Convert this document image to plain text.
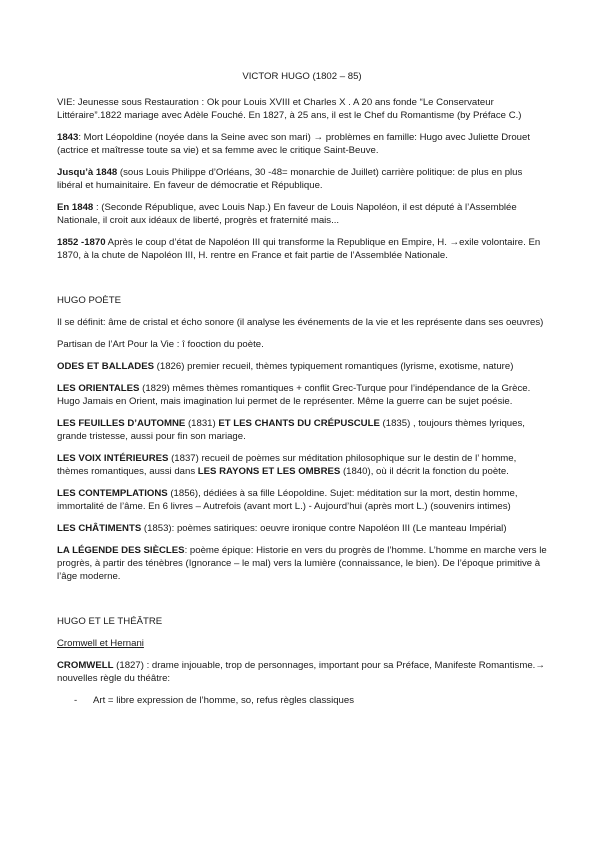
VICTOR HUGO (1802 – 85)

VIE: Jeunesse sous Restauration : Ok pour Louis XVIII et Charles X . A 20 ans fonde “Le Conservateur Littéraire”.1822 mariage avec Adèle Fouché. En 1827, à 25 ans, il est le Chef du Romantisme (by Préface C.)

1843: Mort Léopoldine (noyée dans la Seine avec son mari) → problèmes en famille: Hugo avec Juliette Drouet (actrice et maîtresse toute sa vie) et sa femme avec le critique Saint-Beuve.

Jusqu’à 1848 (sous Louis Philippe d’Orléans, 30 -48= monarchie de Juillet) carrière politique: de plus en plus libéral et humainitaire. En faveur de démocratie et République.

En 1848 : (Seconde République, avec Louis Nap.) En faveur de Louis Napoléon, il est député à l’Assemblée Nationale, il croit aux idéaux de liberté, progrès et fraternité mais...

1852 -1870 Après le coup d’état de Napoléon III qui transforme la Republique en Empire, H. →exile volontaire. En 1870, à la chute de Napoléon III, H. rentre en France et fait partie de l’Assemblée Nationale.

HUGO POÈTE

Il se définit: âme de cristal et écho sonore (il analyse les événements de la vie et les représente dans ses oeuvres)

Partisan de l’Art Pour la Vie : î fooction du poète.

ODES ET BALLADES (1826) premier recueil, thèmes typiquement romantiques (lyrisme, exotisme, nature)

LES ORIENTALES (1829) mêmes thèmes romantiques + conflit Grec-Turque pour l’indépendance de la Grèce. Hugo Jamais en Orient, mais imagination lui permet de le représenter. Même la guerre can be sujet poésie.

LES FEUILLES D’AUTOMNE (1831) ET LES CHANTS DU CRÉPUSCULE (1835) , toujours thèmes lyriques, grande tristesse, aussi pour fin son mariage.

LES VOIX INTÉRIEURES (1837) recueil de poèmes sur méditation philosophique sur le destin de l’ homme, thèmes romantiques, aussi dans LES RAYONS ET LES OMBRES (1840), où il décrit la fonction du poète.

LES CONTEMPLATIONS (1856), dédiées à sa fille Léopoldine. Sujet: méditation sur la mort, destin homme, immortalité de l’âme. En 6 livres – Autrefois (avant mort L.) - Aujourd’hui (après mort L.) (souvenirs intimes)

LES CHÂTIMENTS (1853): poèmes satiriques: oeuvre ironique contre Napoléon III (Le manteau Impérial)

LA LÉGENDE DES SIÈCLES: poème épique: Historie en vers du progrès de l’homme. L’homme en marche vers le progrès, à partir des ténèbres (Ignorance – le mal) vers la lumière (connaissance, le bien). De l’époque primitive à l’âge moderne.

HUGO ET LE THÉÂTRE

Cromwell et Hernani

CROMWELL (1827) : drame injouable, trop de personnages, important pour sa Préface, Manifeste Romantisme.→ nouvelles règle du théâtre:

- Art = libre expression de l’homme, so, refus règles classiques
